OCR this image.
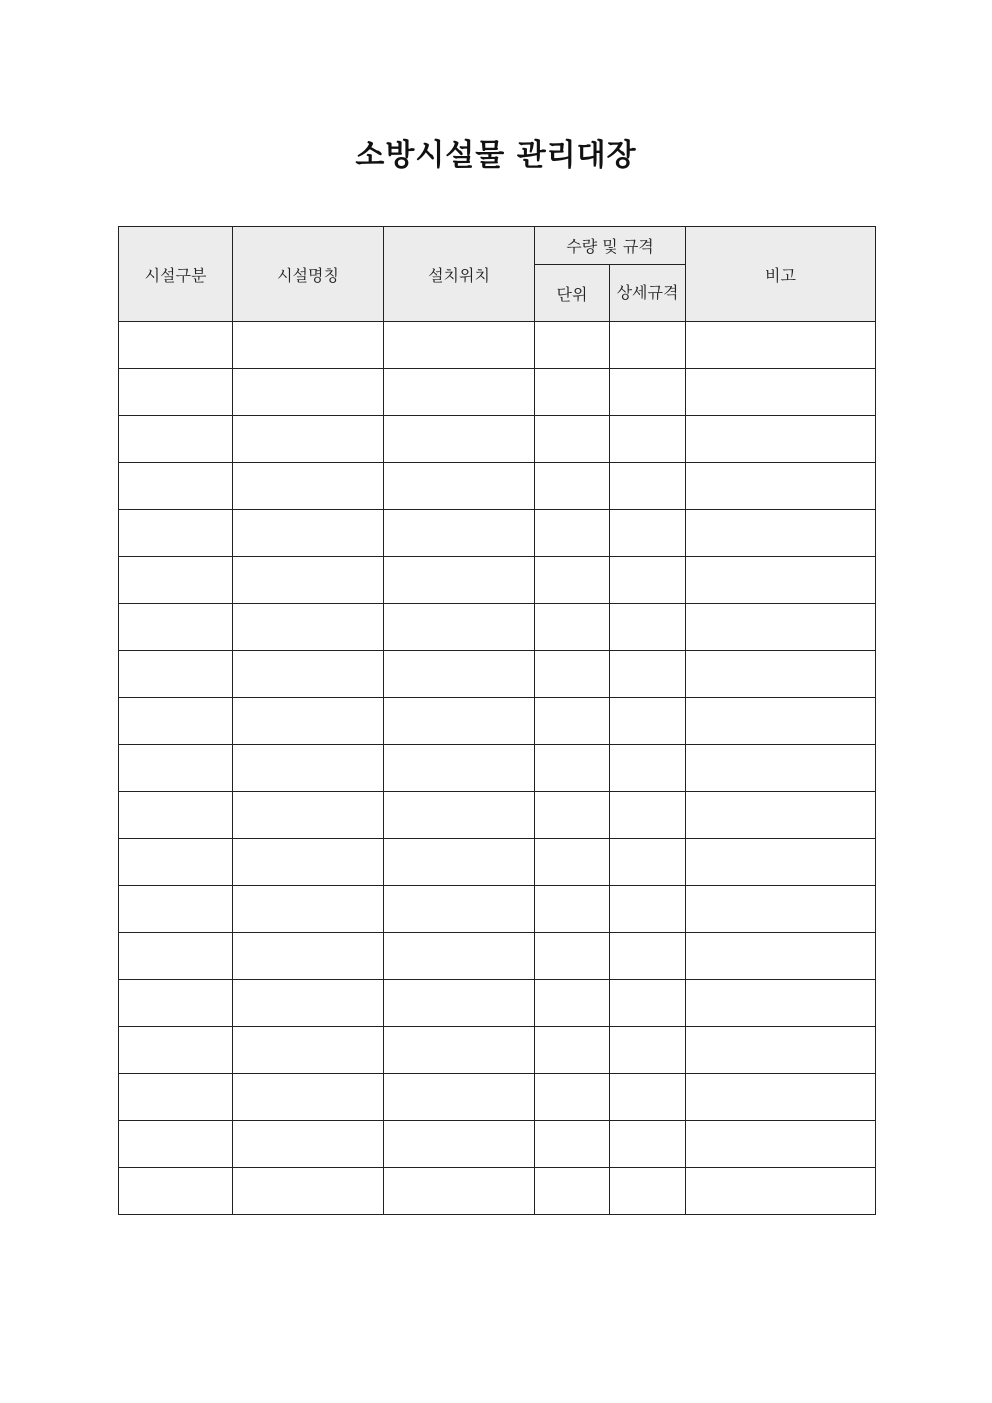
소방시설물 관리대장
시설구분	시설명칭	설치위치	수량 및 규격		비고
			단위	상세규격	
